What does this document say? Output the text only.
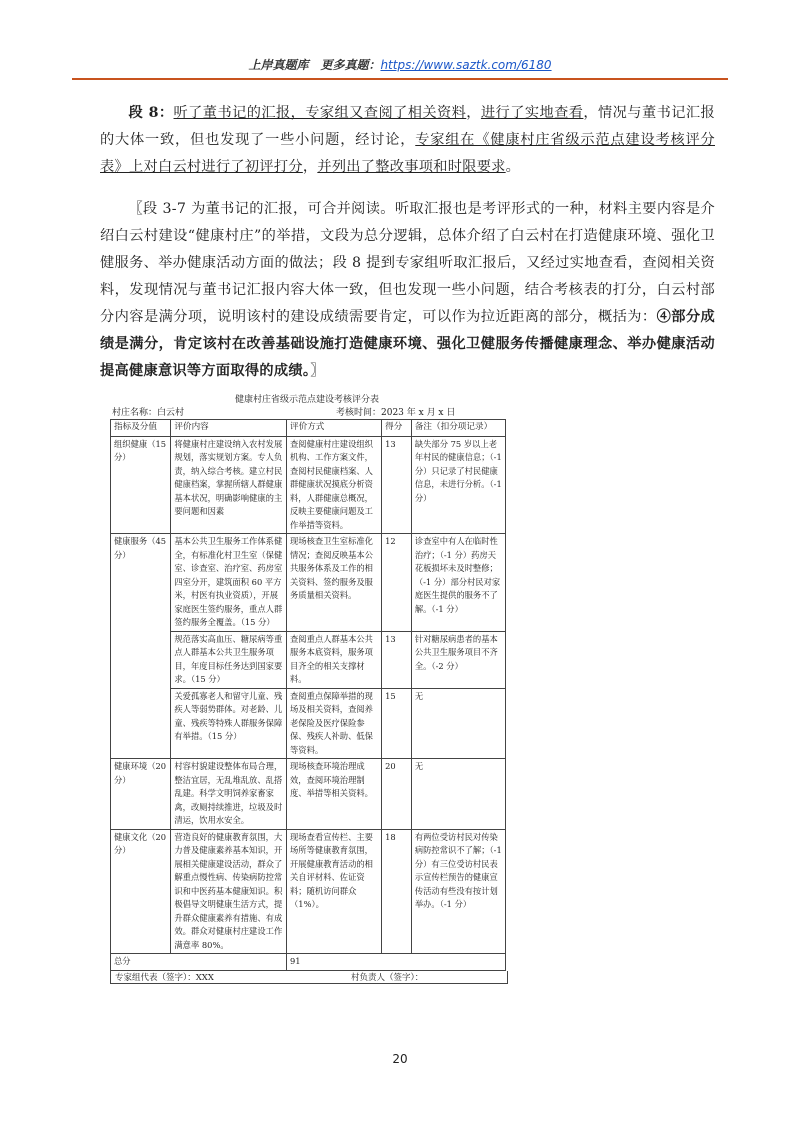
上岸真题库　更多真题：https://www.saztk.com/6180
段 8：听了董书记的汇报，专家组又查阅了相关资料，进行了实地查看，情况与董书记汇报的大体一致，但也发现了一些小问题，经讨论，专家组在《健康村庄省级示范点建设考核评分表》上对白云村进行了初评打分，并列出了整改事项和时限要求。
〖段 3-7 为董书记的汇报，可合并阅读。听取汇报也是考评形式的一种，材料主要内容是介绍白云村建设“健康村庄”的举措，文段为总分逻辑，总体介绍了白云村在打造健康环境、强化卫健服务、举办健康活动方面的做法；段 8 提到专家组听取汇报后，又经过实地查看，查阅相关资料，发现情况与董书记汇报内容大体一致，但也发现一些小问题，结合考核表的打分，白云村部分内容是满分项，说明该村的建设成绩需要肯定，可以作为拉近距离的部分，概括为：④部分成绩是满分，肯定该村在改善基础设施打造健康环境、强化卫健服务传播健康理念、举办健康活动提高健康意识等方面取得的成绩。〗
健康村庄省级示范点建设考核评分表
村庄名称：白云村	考核时间：2023 年 x 月 x 日
指标及分值	评价内容	评价方式	得分	备注（扣分项记录）
组织健康（15 分）	将健康村庄建设纳入农村发展规划，落实规划方案。专人负责，纳入综合考核。建立村民健康档案，掌握所辖人群健康基本状况，明确影响健康的主要问题和因素	查阅健康村庄建设组织机构、工作方案文件，查阅村民健康档案、人群健康状况摸底分析资料，人群健康总概况，反映主要健康问题及工作举措等资料。	13	缺失部分 75 岁以上老年村民的健康信息；（-1 分）只记录了村民健康信息，未进行分析。（-1 分）
健康服务（45 分）	基本公共卫生服务工作体系健全，有标准化村卫生室（保健室、诊查室、治疗室、药房室四室分开，建筑面积 60 平方米，村医有执业资质），开展家庭医生签约服务，重点人群签约服务全覆盖。（15 分）	现场核查卫生室标准化情况；查阅反映基本公共服务体系及工作的相关资料、签约服务及服务质量相关资料。	12	诊查室中有人在临时性治疗；（-1 分）药房天花板损坏未及时整修；（-1 分）部分村民对家庭医生提供的服务不了解。（-1 分）
	规范落实高血压、糖尿病等重点人群基本公共卫生服务项目，年度目标任务达到国家要求。（15 分）	查阅重点人群基本公共服务本底资料，服务项目齐全的相关支撑材料。	13	针对糖尿病患者的基本公共卫生服务项目不齐全。（-2 分）
	关爱孤寡老人和留守儿童、残疾人等弱势群体。对老龄、儿童、残疾等特殊人群服务保障有举措。（15 分）	查阅重点保障举措的现场及相关资料，查阅养老保险及医疗保险参保、残疾人补助、低保等资料。	15	无
健康环境（20 分）	村容村貌建设整体布局合理，整洁宜居，无乱堆乱放、乱搭乱建。科学文明饲养家畜家禽，改厕持续推进，垃圾及时清运，饮用水安全。	现场核查环境治理成效，查阅环境治理制度、举措等相关资料。	20	无
健康文化（20 分）	营造良好的健康教育氛围，大力普及健康素养基本知识，开展相关健康建设活动，群众了解重点慢性病、传染病防控常识和中医药基本健康知识。积极倡导文明健康生活方式，提升群众健康素养有措施、有成效。群众对健康村庄建设工作满意率 80%。	现场查看宣传栏、主要场所等健康教育氛围，开展健康教育活动的相关自评材料、佐证资料；随机访问群众（1%）。	18	有两位受访村民对传染病防控常识不了解；（-1 分）有三位受访村民表示宣传栏预告的健康宣传活动有些没有按计划举办。（-1 分）
总分		91		
专家组代表（签字）：XXX	村负责人（签字）：
20
